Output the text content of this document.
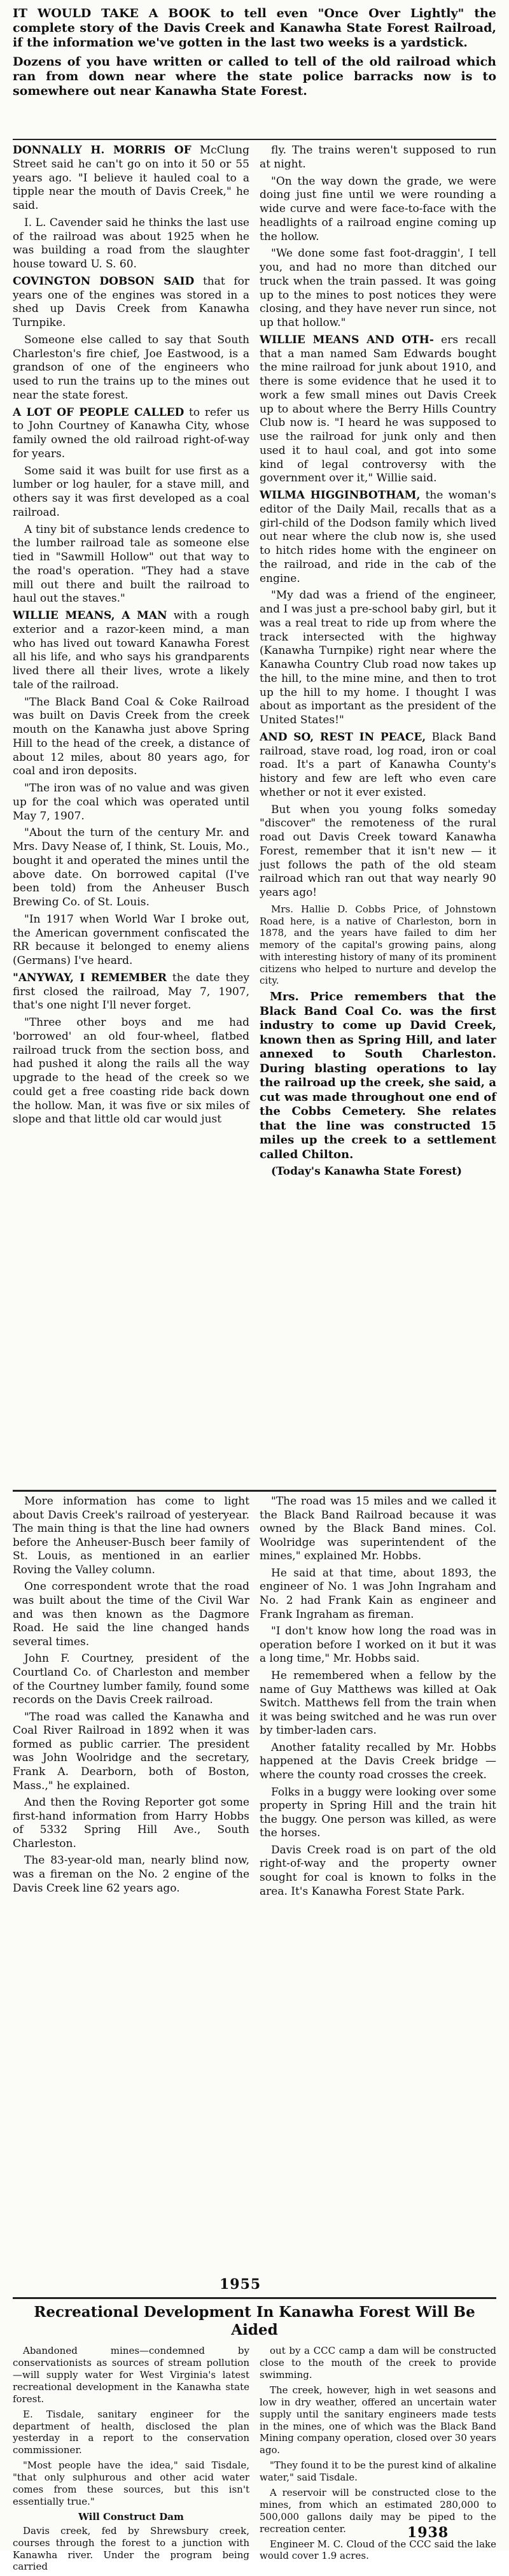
IT WOULD TAKE A BOOK to tell even "Once Over Lightly" the complete story of the Davis Creek and Kanawha State Forest Railroad, if the information we've gotten in the last two weeks is a yardstick.

Dozens of you have written or called to tell of the old railroad which ran from down near where the state police barracks now is to somewhere out near Kanawha State Forest.

DONNALLY H. MORRIS OF McClung Street said he can't go on into it 50 or 55 years ago. "I believe it hauled coal to a tipple near the mouth of Davis Creek," he said.

I. L. Cavender said he thinks the last use of the railroad was about 1925 when he was building a road from the slaughter house toward U. S. 60.

COVINGTON DOBSON SAID that for years one of the engines was stored in a shed up Davis Creek from Kanawha Turnpike.

Someone else called to say that South Charleston's fire chief, Joe Eastwood, is a grandson of one of the engineers who used to run the trains up to the mines out near the state forest.

A LOT OF PEOPLE CALLED to refer us to John Courtney of Kanawha City, whose family owned the old railroad right-of-way for years.

Some said it was built for use first as a lumber or log hauler, for a stave mill, and others say it was first developed as a coal railroad.

A tiny bit of substance lends credence to the lumber railroad tale as someone else tied in "Sawmill Hollow" out that way to the road's operation. "They had a stave mill out there and built the railroad to haul out the staves."

WILLIE MEANS, A MAN with a rough exterior and a razor-keen mind, a man who has lived out toward Kanawha Forest all his life, and who says his grandparents lived there all their lives, wrote a likely tale of the railroad.

"The Black Band Coal & Coke Railroad was built on Davis Creek from the creek mouth on the Kanawha just above Spring Hill to the head of the creek, a distance of about 12 miles, about 80 years ago, for coal and iron deposits.

"The iron was of no value and was given up for the coal which was operated until May 7, 1907.

"About the turn of the century Mr. and Mrs. Davy Nease of, I think, St. Louis, Mo., bought it and operated the mines until the above date. On borrowed capital (I've been told) from the Anheuser Busch Brewing Co. of St. Louis.

"In 1917 when World War I broke out, the American government confiscated the RR because it belonged to enemy aliens (Germans) I've heard.

"ANYWAY, I REMEMBER the date they first closed the railroad, May 7, 1907, that's one night I'll never forget.

"Three other boys and me had 'borrowed' an old four-wheel, flatbed railroad truck from the section boss, and had pushed it along the rails all the way upgrade to the head of the creek so we could get a free coasting ride back down the hollow. Man, it was five or six miles of slope and that little old car would just

fly. The trains weren't supposed to run at night.

"On the way down the grade, we were doing just fine until we were rounding a wide curve and were face-to-face with the headlights of a railroad engine coming up the hollow.

"We done some fast foot-draggin', I tell you, and had no more than ditched our truck when the train passed. It was going up to the mines to post notices they were closing, and they have never run since, not up that hollow."

WILLIE MEANS AND OTH- ers recall that a man named Sam Edwards bought the mine railroad for junk about 1910, and there is some evidence that he used it to work a few small mines out Davis Creek up to about where the Berry Hills Country Club now is. "I heard he was supposed to use the railroad for junk only and then used it to haul coal, and got into some kind of legal controversy with the government over it," Willie said.

WILMA HIGGINBOTHAM, the woman's editor of the Daily Mail, recalls that as a girl-child of the Dodson family which lived out near where the club now is, she used to hitch rides home with the engineer on the railroad, and ride in the cab of the engine.

"My dad was a friend of the engineer, and I was just a pre-school baby girl, but it was a real treat to ride up from where the track intersected with the highway (Kanawha Turnpike) right near where the Kanawha Country Club road now takes up the hill, to the mine mine, and then to trot up the hill to my home. I thought I was about as important as the president of the United States!"

AND SO, REST IN PEACE, Black Band railroad, stave road, log road, iron or coal road. It's a part of Kanawha County's history and few are left who even care whether or not it ever existed.

But when you young folks someday "discover" the remoteness of the rural road out Davis Creek toward Kanawha Forest, remember that it isn't new — it just follows the path of the old steam railroad which ran out that way nearly 90 years ago!

Mrs. Hallie D. Cobbs Price, of Johnstown Road here, is a native of Charleston, born in 1878, and the years have failed to dim her memory of the capital's growing pains, along with interesting history of many of its prominent citizens who helped to nurture and develop the city.

Mrs. Price remembers that the Black Band Coal Co. was the first industry to come up David Creek, known then as Spring Hill, and later annexed to South Charleston. During blasting operations to lay the railroad up the creek, she said, a cut was made throughout one end of the Cobbs Cemetery. She relates that the line was constructed 15 miles up the creek to a settlement called Chilton.

(Today's Kanawha State Forest)

More information has come to light about Davis Creek's railroad of yesteryear. The main thing is that the line had owners before the Anheuser-Busch beer family of St. Louis, as mentioned in an earlier Roving the Valley column.

One correspondent wrote that the road was built about the time of the Civil War and was then known as the Dagmore Road. He said the line changed hands several times.

John F. Courtney, president of the Courtland Co. of Charleston and member of the Courtney lumber family, found some records on the Davis Creek railroad.

"The road was called the Kanawha and Coal River Railroad in 1892 when it was formed as public carrier. The president was John Woolridge and the secretary, Frank A. Dearborn, both of Boston, Mass.," he explained.

And then the Roving Reporter got some first-hand information from Harry Hobbs of 5332 Spring Hill Ave., South Charleston.

The 83-year-old man, nearly blind now, was a fireman on the No. 2 engine of the Davis Creek line 62 years ago.

"The road was 15 miles and we called it the Black Band Railroad because it was owned by the Black Band mines. Col. Woolridge was superintendent of the mines," explained Mr. Hobbs.

He said at that time, about 1893, the engineer of No. 1 was John Ingraham and No. 2 had Frank Kain as engineer and Frank Ingraham as fireman.

"I don't know how long the road was in operation before I worked on it but it was a long time," Mr. Hobbs said.

He remembered when a fellow by the name of Guy Matthews was killed at Oak Switch. Matthews fell from the train when it was being switched and he was run over by timber-laden cars.

Another fatality recalled by Mr. Hobbs happened at the Davis Creek bridge — where the county road crosses the creek.

Folks in a buggy were looking over some property in Spring Hill and the train hit the buggy. One person was killed, as were the horses.

Davis Creek road is on part of the old right-of-way and the property owner sought for coal is known to folks in the area. It's Kanawha Forest State Park.

1955
Recreational Development In Kanawha Forest Will Be Aided

Abandoned mines—condemned by conservationists as sources of stream pollution—will supply water for West Virginia's latest recreational development in the Kanawha state forest.

E. Tisdale, sanitary engineer for the department of health, disclosed the plan yesterday in a report to the conservation commissioner.

"Most people have the idea," said Tisdale, "that only sulphurous and other acid water comes from these sources, but this isn't essentially true."

Will Construct Dam

Davis creek, fed by Shrewsbury creek, courses through the forest to a junction with Kanawha river. Under the program being carried

out by a CCC camp a dam will be constructed close to the mouth of the creek to provide swimming.

The creek, however, high in wet seasons and low in dry weather, offered an uncertain water supply until the sanitary engineers made tests in the mines, one of which was the Black Band Mining company operation, closed over 30 years ago.

"They found it to be the purest kind of alkaline water," said Tisdale.

A reservoir will be constructed close to the mines, from which an estimated 280,000 to 500,000 gallons daily may be piped to the recreation center.

Engineer M. C. Cloud of the CCC said the lake would cover 1.9 acres.

1938
